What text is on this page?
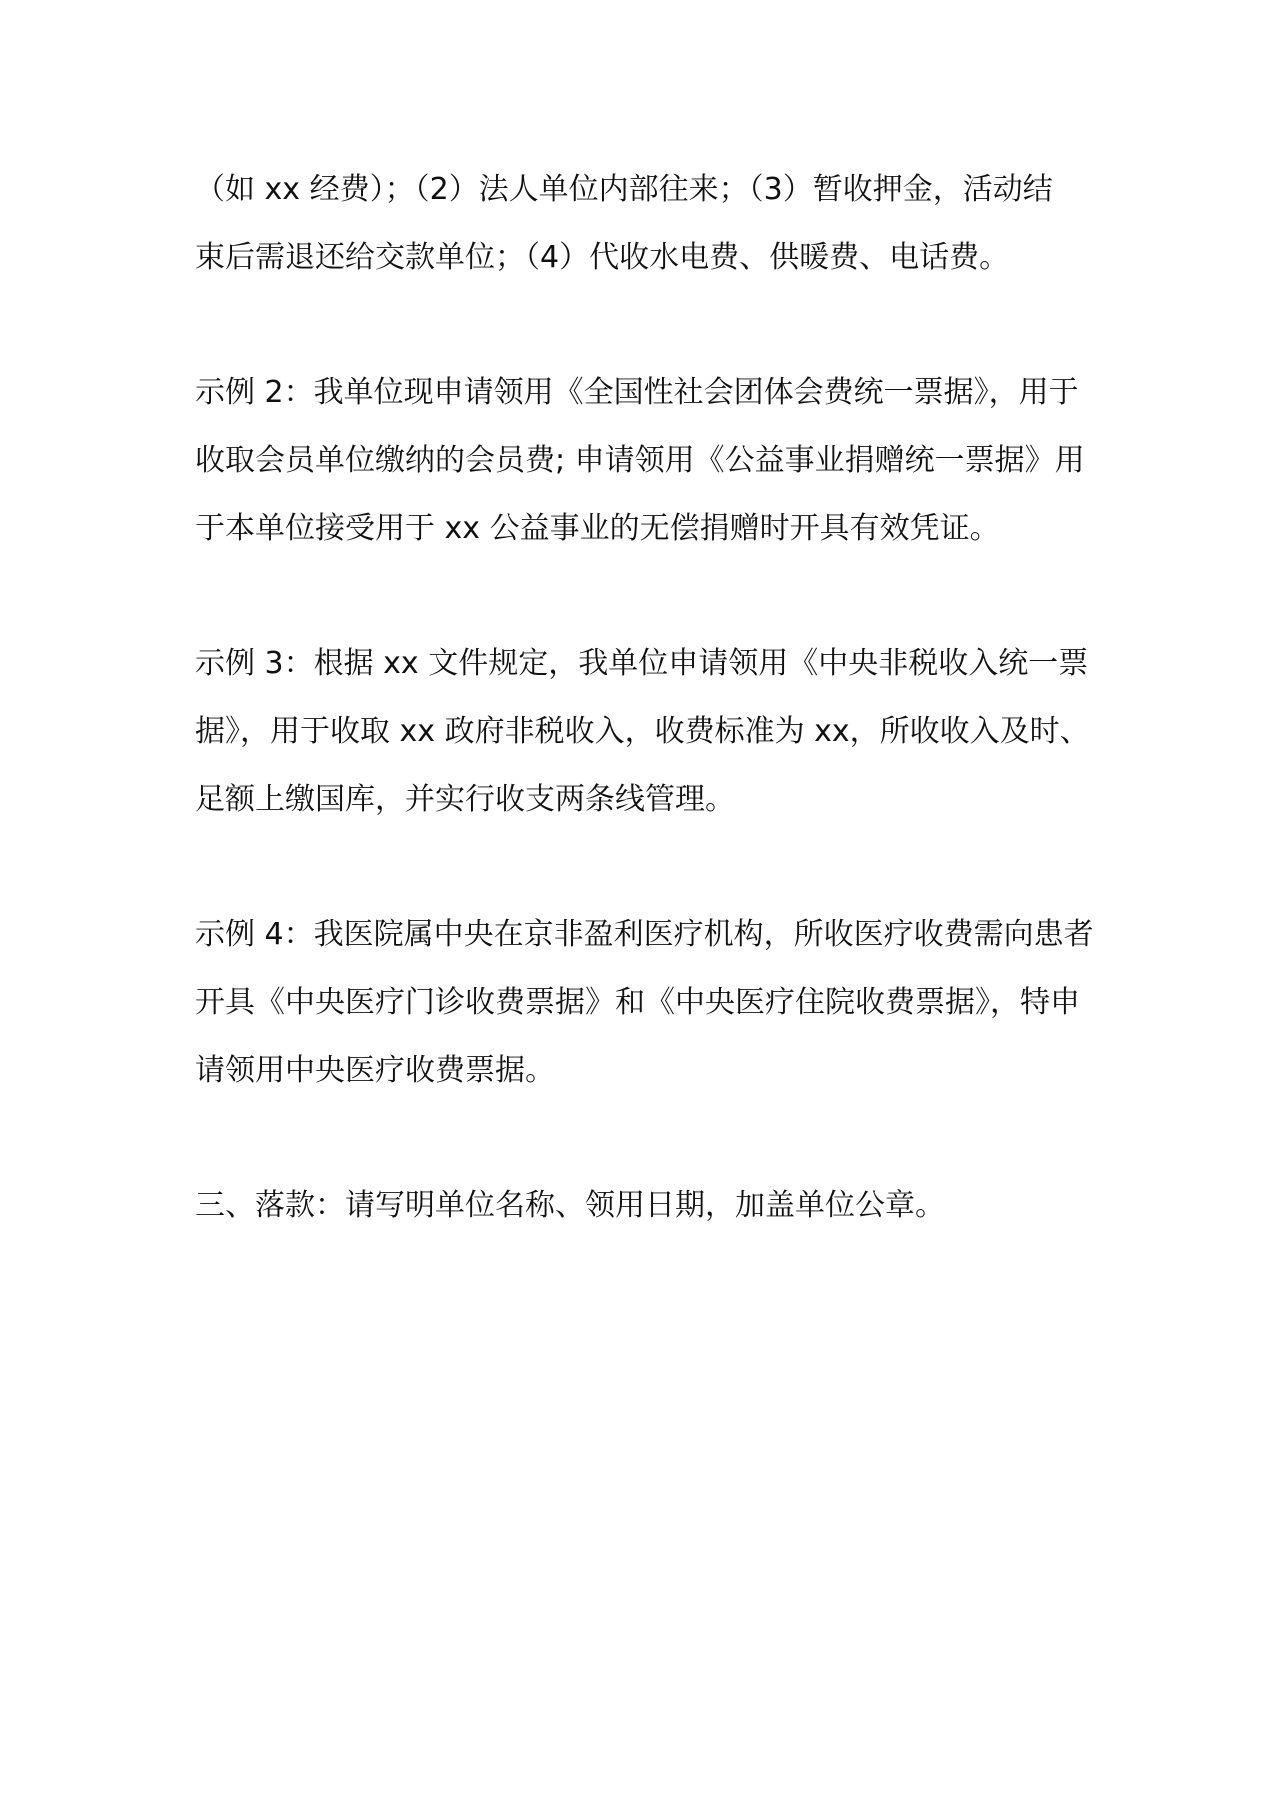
（如 xx 经费）；（2）法人单位内部往来；（3）暂收押金，活动结
束后需退还给交款单位；（4）代收水电费、供暖费、电话费。
示例 2：我单位现申请领用《全国性社会团体会费统一票据》，用于
收取会员单位缴纳的会员费; 申请领用《公益事业捐赠统一票据》用
于本单位接受用于 xx 公益事业的无偿捐赠时开具有效凭证。
示例 3：根据 xx 文件规定，我单位申请领用《中央非税收入统一票
据》，用于收取 xx 政府非税收入，收费标准为 xx，所收收入及时、
足额上缴国库，并实行收支两条线管理。
示例 4：我医院属中央在京非盈利医疗机构，所收医疗收费需向患者
开具《中央医疗门诊收费票据》和《中央医疗住院收费票据》，特申
请领用中央医疗收费票据。
三、落款：请写明单位名称、领用日期，加盖单位公章。
